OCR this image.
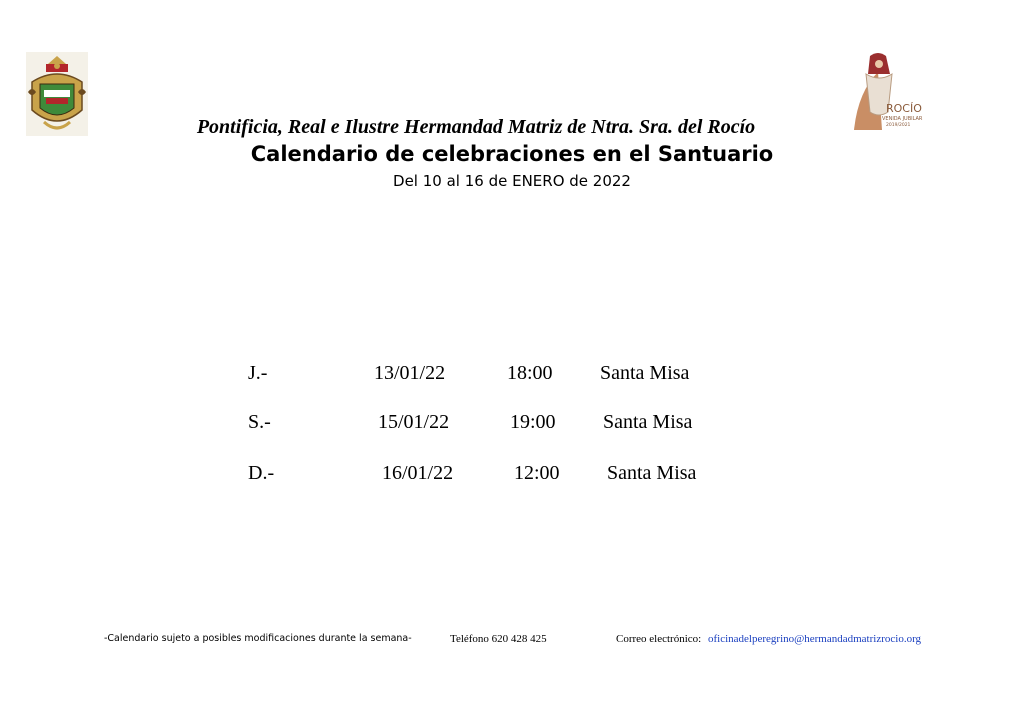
ROCÍO
VENIDA JUBILAR
2019/2021
Pontificia, Real e Ilustre Hermandad Matriz de Ntra. Sra. del Rocío
Calendario de celebraciones en el Santuario
Del 10 al 16 de ENERO de 2022
J.-	13/01/22	18:00 Santa Misa
S.-	15/01/22	19:00 Santa Misa
D.-	16/01/22	12:00 Santa Misa
-Calendario sujeto a posibles modificaciones durante la semana-	Teléfono 620 428 425	Correo electrónico: oficinadelperegrino@hermandadmatrizrocio.org
